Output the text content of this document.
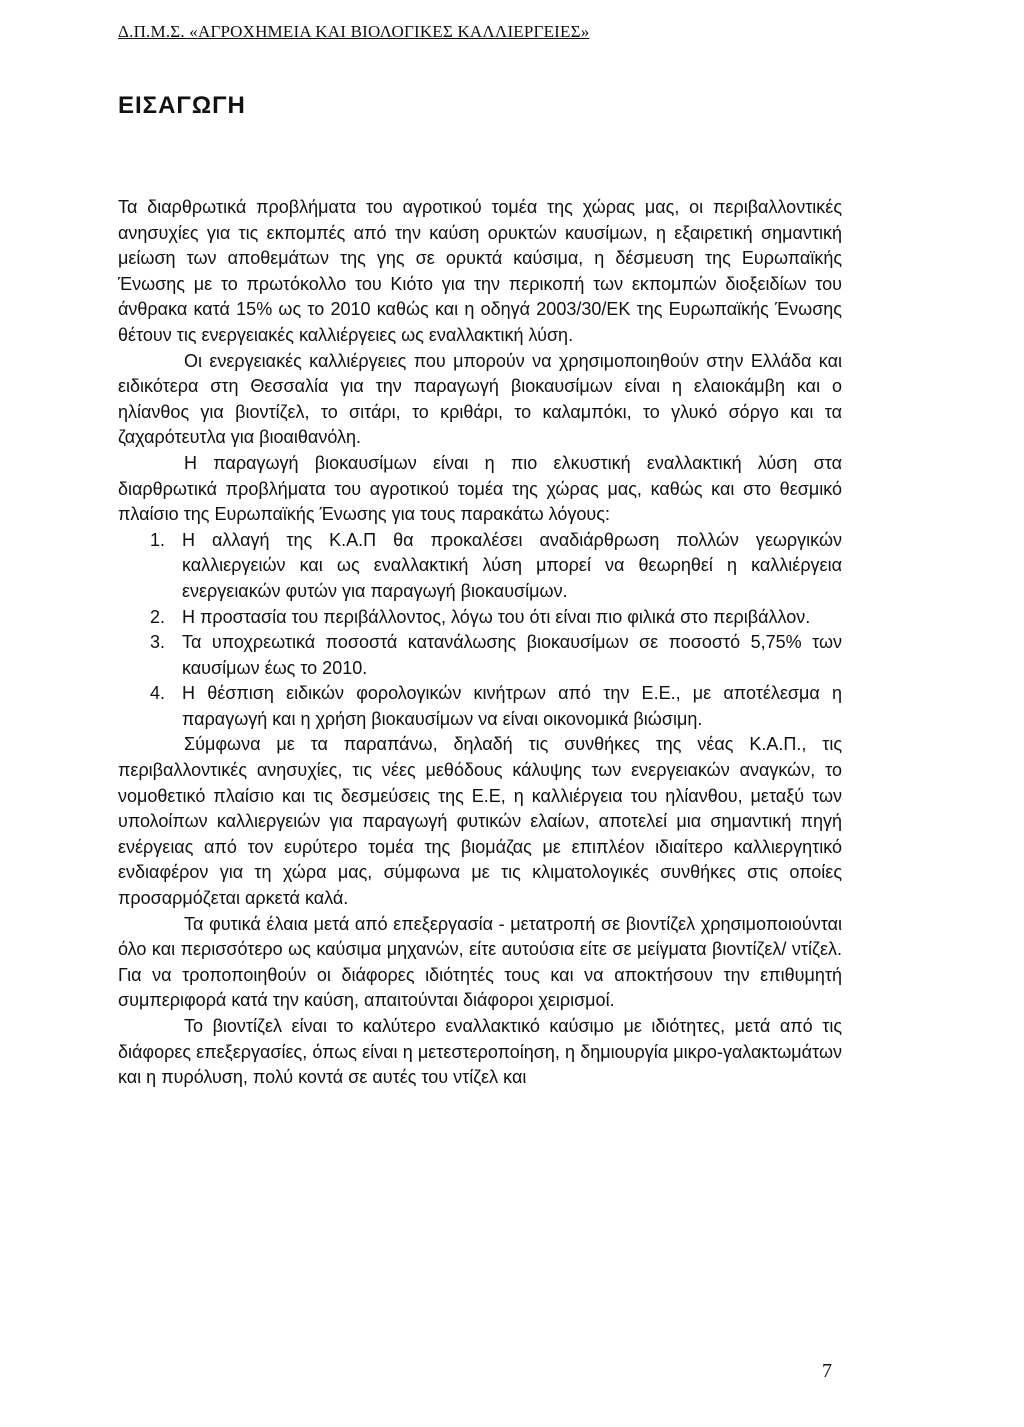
Δ.Π.Μ.Σ. «ΑΓΡΟΧΗΜΕΙΑ ΚΑΙ ΒΙΟΛΟΓΙΚΕΣ ΚΑΛΛΙΕΡΓΕΙΕΣ»
ΕΙΣΑΓΩΓΗ

Τα διαρθρωτικά προβλήματα του αγροτικού τομέα της χώρας μας, οι περιβαλλοντικές ανησυχίες για τις εκπομπές από την καύση ορυκτών καυσίμων, η εξαιρετική σημαντική μείωση των αποθεμάτων της γης σε ορυκτά καύσιμα, η δέσμευση της Ευρωπαϊκής Ένωσης με το πρωτόκολλο του Κιότο για την περικοπή των εκπομπών διοξειδίων του άνθρακα κατά 15% ως το 2010 καθώς και η οδηγά 2003/30/ΕΚ της Ευρωπαϊκής Ένωσης θέτουν τις ενεργειακές καλλιέργειες ως εναλλακτική λύση.

Οι ενεργειακές καλλιέργειες που μπορούν να χρησιμοποιηθούν στην Ελλάδα και ειδικότερα στη Θεσσαλία για την παραγωγή βιοκαυσίμων είναι η ελαιοκάμβη και ο ηλίανθος για βιοντίζελ, το σιτάρι, το κριθάρι, το καλαμπόκι, το γλυκό σόργο και τα ζαχαρότευτλα για βιοαιθανόλη.

Η παραγωγή βιοκαυσίμων είναι η πιο ελκυστική εναλλακτική λύση στα διαρθρωτικά προβλήματα του αγροτικού τομέα της χώρας μας, καθώς και στο θεσμικό πλαίσιο της Ευρωπαϊκής Ένωσης για τους παρακάτω λόγους:

1. Η αλλαγή της Κ.Α.Π θα προκαλέσει αναδιάρθρωση πολλών γεωργικών καλλιεργειών και ως εναλλακτική λύση μπορεί να θεωρηθεί η καλλιέργεια ενεργειακών φυτών για παραγωγή βιοκαυσίμων.
2. Η προστασία του περιβάλλοντος, λόγω του ότι είναι πιο φιλικά στο περιβάλλον.
3. Τα υποχρεωτικά ποσοστά κατανάλωσης βιοκαυσίμων σε ποσοστό 5,75% των καυσίμων έως το 2010.
4. Η θέσπιση ειδικών φορολογικών κινήτρων από την Ε.Ε., με αποτέλεσμα η παραγωγή και η χρήση βιοκαυσίμων να είναι οικονομικά βιώσιμη.

Σύμφωνα με τα παραπάνω, δηλαδή τις συνθήκες της νέας Κ.Α.Π., τις περιβαλλοντικές ανησυχίες, τις νέες μεθόδους κάλυψης των ενεργειακών αναγκών, το νομοθετικό πλαίσιο και τις δεσμεύσεις της Ε.Ε, η καλλιέργεια του ηλίανθου, μεταξύ των υπολοίπων καλλιεργειών για παραγωγή φυτικών ελαίων, αποτελεί μια σημαντική πηγή ενέργειας από τον ευρύτερο τομέα της βιομάζας με επιπλέον ιδιαίτερο καλλιεργητικό ενδιαφέρον για τη χώρα μας, σύμφωνα με τις κλιματολογικές συνθήκες στις οποίες προσαρμόζεται αρκετά καλά.

Τα φυτικά έλαια μετά από επεξεργασία - μετατροπή σε βιοντίζελ χρησιμοποιούνται όλο και περισσότερο ως καύσιμα μηχανών, είτε αυτούσια είτε σε μείγματα βιοντίζελ/ ντίζελ. Για να τροποποιηθούν οι διάφορες ιδιότητές τους και να αποκτήσουν την επιθυμητή συμπεριφορά κατά την καύση, απαιτούνται διάφοροι χειρισμοί.

Το βιοντίζελ είναι το καλύτερο εναλλακτικό καύσιμο με ιδιότητες, μετά από τις διάφορες επεξεργασίες, όπως είναι η μετεστεροποίηση, η δημιουργία μικρο-γαλακτωμάτων και η πυρόλυση, πολύ κοντά σε αυτές του ντίζελ και

7
